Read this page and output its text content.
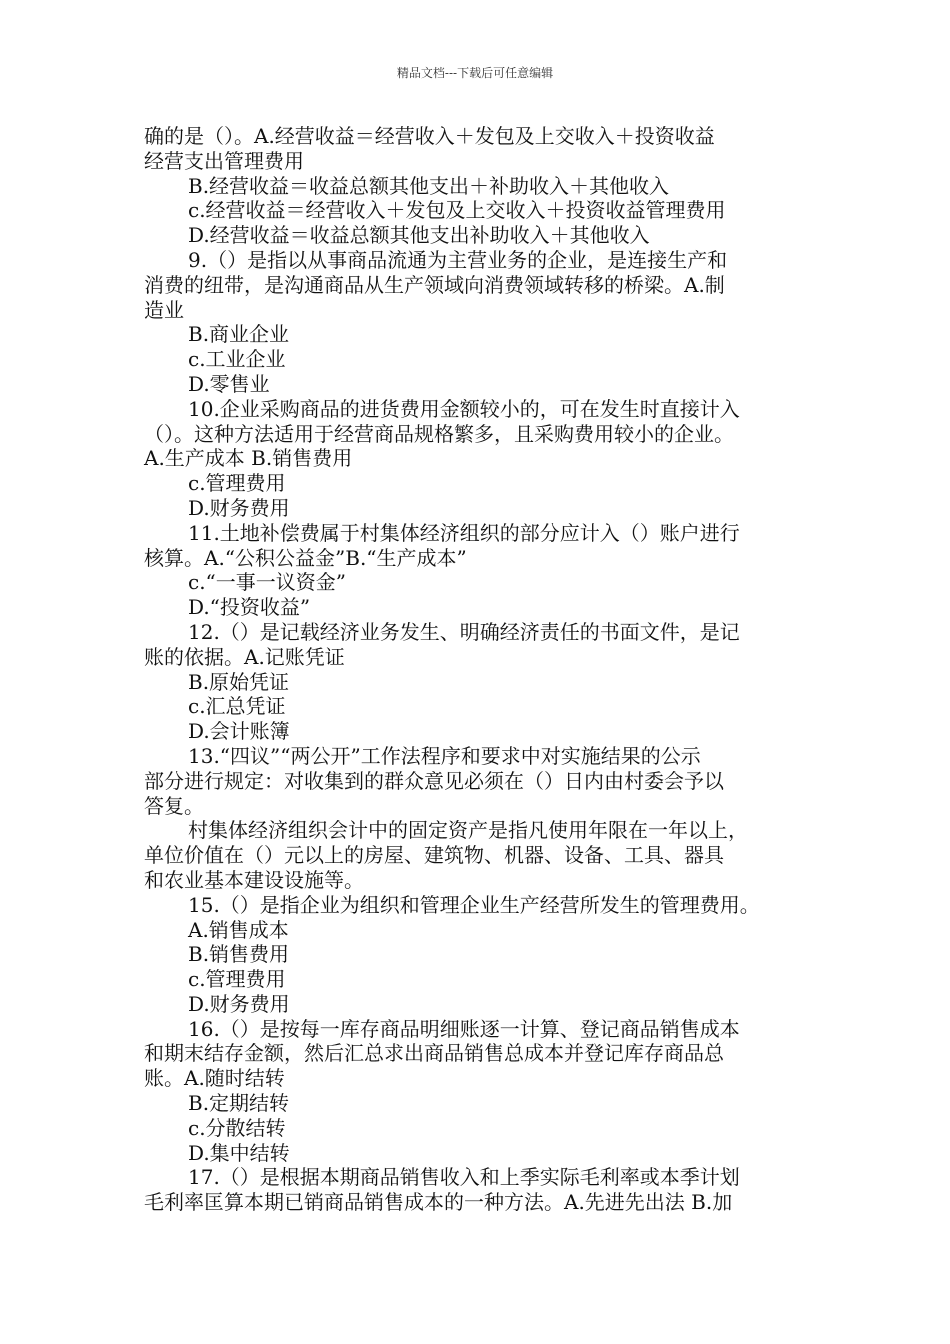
精品文档---下载后可任意编辑
确的是（）。A.经营收益＝经营收入＋发包及上交收入＋投资收益
经营支出管理费用
B.经营收益＝收益总额其他支出＋补助收入＋其他收入
c.经营收益＝经营收入＋发包及上交收入＋投资收益管理费用
D.经营收益＝收益总额其他支出补助收入＋其他收入
9.（）是指以从事商品流通为主营业务的企业，是连接生产和
消费的纽带，是沟通商品从生产领域向消费领域转移的桥梁。A.制
造业
B.商业企业
c.工业企业
D.零售业
10.企业采购商品的进货费用金额较小的，可在发生时直接计入
（）。这种方法适用于经营商品规格繁多，且采购费用较小的企业。
A.生产成本 B.销售费用
c.管理费用
D.财务费用
11.土地补偿费属于村集体经济组织的部分应计入（）账户进行
核算。A.“公积公益金”B.“生产成本”
c.“一事一议资金”
D.“投资收益”
12.（）是记载经济业务发生、明确经济责任的书面文件，是记
账的依据。A.记账凭证
B.原始凭证
c.汇总凭证
D.会计账簿
13.“四议”“两公开”工作法程序和要求中对实施结果的公示
部分进行规定：对收集到的群众意见必须在（）日内由村委会予以
答复。
村集体经济组织会计中的固定资产是指凡使用年限在一年以上，
单位价值在（）元以上的房屋、建筑物、机器、设备、工具、器具
和农业基本建设设施等。
15.（）是指企业为组织和管理企业生产经营所发生的管理费用。
A.销售成本
B.销售费用
c.管理费用
D.财务费用
16.（）是按每一库存商品明细账逐一计算、登记商品销售成本
和期末结存金额，然后汇总求出商品销售总成本并登记库存商品总
账。A.随时结转
B.定期结转
c.分散结转
D.集中结转
17.（）是根据本期商品销售收入和上季实际毛利率或本季计划
毛利率匡算本期已销商品销售成本的一种方法。A.先进先出法 B.加
